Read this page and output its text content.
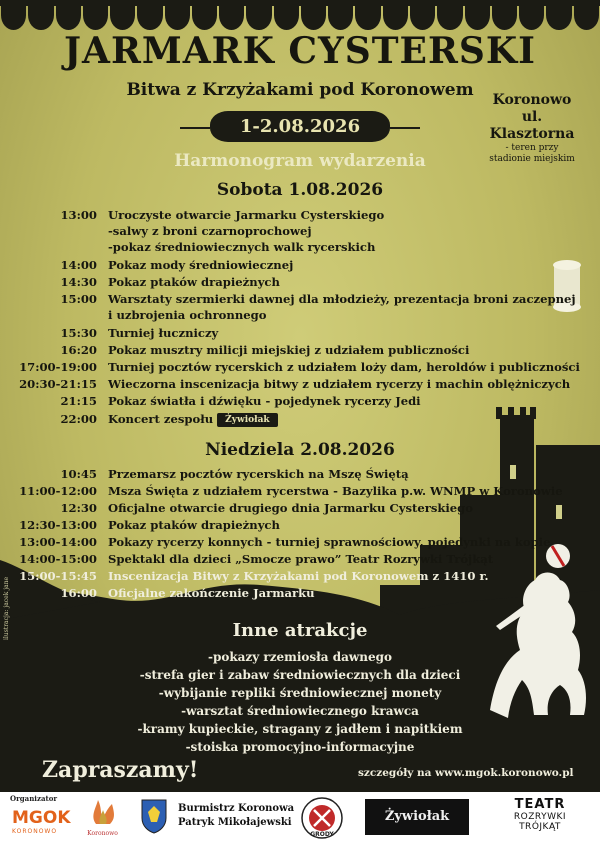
JARMARK CYSTERSKI
Bitwa z Krzyżakami pod Koronowem
1-2.08.2026
Koronowo
ul. Klasztorna
- teren przy
stadionie miejskim
Harmonogram wydarzenia
Sobota 1.08.2026
13:00 Uroczyste otwarcie Jarmarku Cysterskiego
-salwy z broni czarnoprochowej
-pokaz średniowiecznych walk rycerskich
14:00 Pokaz mody średniowiecznej
14:30 Pokaz ptaków drapieżnych
15:00 Warsztaty szermierki dawnej dla młodzieży, prezentacja broni zaczepnej
i uzbrojenia ochronnego
15:30 Turniej łuczniczy
16:20 Pokaz musztry milicji miejskiej z udziałem publiczności
17:00-19:00 Turniej pocztów rycerskich z udziałem loży dam, heroldów i publiczności
20:30-21:15 Wieczorna inscenizacja bitwy z udziałem rycerzy i machin oblężniczych
21:15 Pokaz światła i dźwięku - pojedynek rycerzy Jedi
22:00 Koncert zespołu Żywiołak
Niedziela 2.08.2026
10:45 Przemarsz pocztów rycerskich na Mszę Świętą
11:00-12:00 Msza Święta z udziałem rycerstwa - Bazylika p.w. WNMP w Koronowie
12:30 Oficjalne otwarcie drugiego dnia Jarmarku Cysterskiego
12:30-13:00 Pokaz ptaków drapieżnych
13:00-14:00 Pokazy rycerzy konnych - turniej sprawnościowy, pojedynki na kopie
14:00-15:00 Spektakl dla dzieci „Smocze prawo” Teatr Rozrywki Trójkąt
15:00-15:45 Inscenizacja Bitwy z Krzyżakami pod Koronowem z 1410 r.
16:00 Oficjalne zakończenie Jarmarku
Inne atrakcje
-pokazy rzemiosła dawnego
-strefa gier i zabaw średniowiecznych dla dzieci
-wybijanie repliki średniowiecznej monety
-warsztat średniowiecznego krawca
-kramy kupieckie, stragany z jadłem i napitkiem
-stoiska promocyjno-informacyjne
Zapraszamy!	szczegóły na www.mgok.koronowo.pl
ilustracja: jacek jane
Organizator
MGOK
KORONOWO	Koronowo
Burmistrz Koronowa
Patryk Mikołajewski
GRODY
Żywiołak
TEATR
ROZRYWKI
TRÓJKĄT
